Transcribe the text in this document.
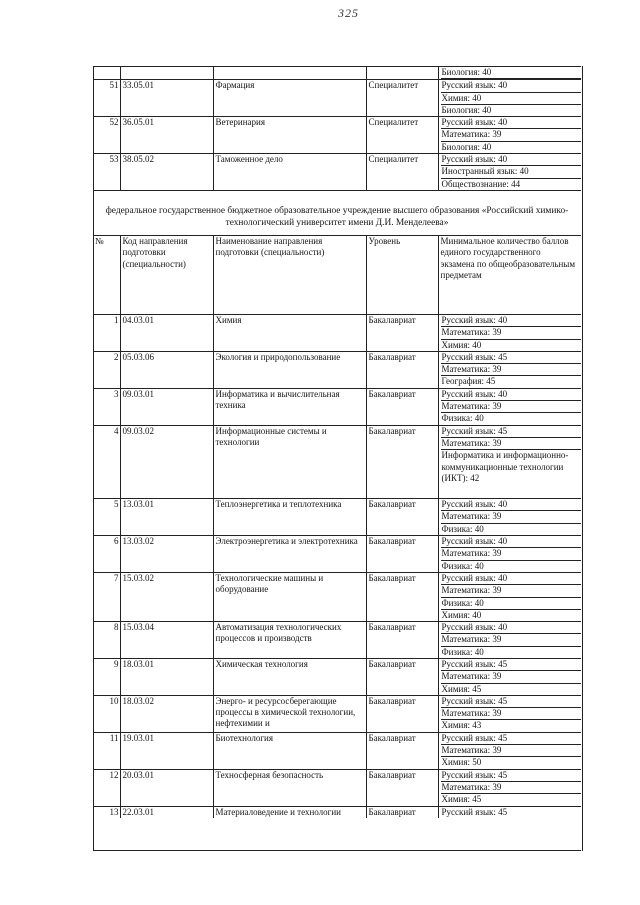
325

				Биология: 40

51	33.05.01	Фармация	Специалитет	Русский язык: 40
Химия: 40
Биология: 40

52	36.05.01	Ветеринария	Специалитет	Русский язык: 40
Математика: 39
Биология: 40

53	38.05.02	Таможенное дело	Специалитет	Русский язык: 40
Иностранный язык: 40
Обществознание: 44

федеральное государственное бюджетное образовательное учреждение высшего образования «Российский химико-технологический университет имени Д.И. Менделеева»				
№	Код направления подготовки (специальности)	Наименование направления подготовки (специальности)	Уровень	Минимальное количество баллов единого государственного экзамена по общеобразовательным предметам
1	04.03.01	Химия	Бакалавриат	Русский язык: 40
Математика: 39
Химия: 40

2	05.03.06	Экология и природопользование	Бакалавриат	Русский язык: 45
Математика: 39
География: 45

3	09.03.01	Информатика и вычислительная техника	Бакалавриат	Русский язык: 40
Математика: 39
Физика: 40

4	09.03.02	Информационные системы и технологии	Бакалавриат	Русский язык: 45
Математика: 39
Информатика и информационно-коммуникационные технологии (ИКТ): 42

5	13.03.01	Теплоэнергетика и теплотехника	Бакалавриат	Русский язык: 40
Математика: 39
Физика: 40

6	13.03.02	Электроэнергетика и электротехника	Бакалавриат	Русский язык: 40
Математика: 39
Физика: 40

7	15.03.02	Технологические машины и оборудование	Бакалавриат	Русский язык: 40
Математика: 39
Физика: 40
Химия: 40

8	15.03.04	Автоматизация технологических процессов и производств	Бакалавриат	Русский язык: 40
Математика: 39
Физика: 40

9	18.03.01	Химическая технология	Бакалавриат	Русский язык: 45
Математика: 39
Химия: 45

10	18.03.02	Энерго- и ресурсосберегающие процессы в химической технологии, нефтехимии и	Бакалавриат	Русский язык: 45
Математика: 39
Химия: 43

11	19.03.01	Биотехнология	Бакалавриат	Русский язык: 45
Математика: 39
Химия: 50

12	20.03.01	Техносферная безопасность	Бакалавриат	Русский язык: 45
Математика: 39
Химия: 45

13	22.03.01	Материаловедение и технологии	Бакалавриат	Русский язык: 45
